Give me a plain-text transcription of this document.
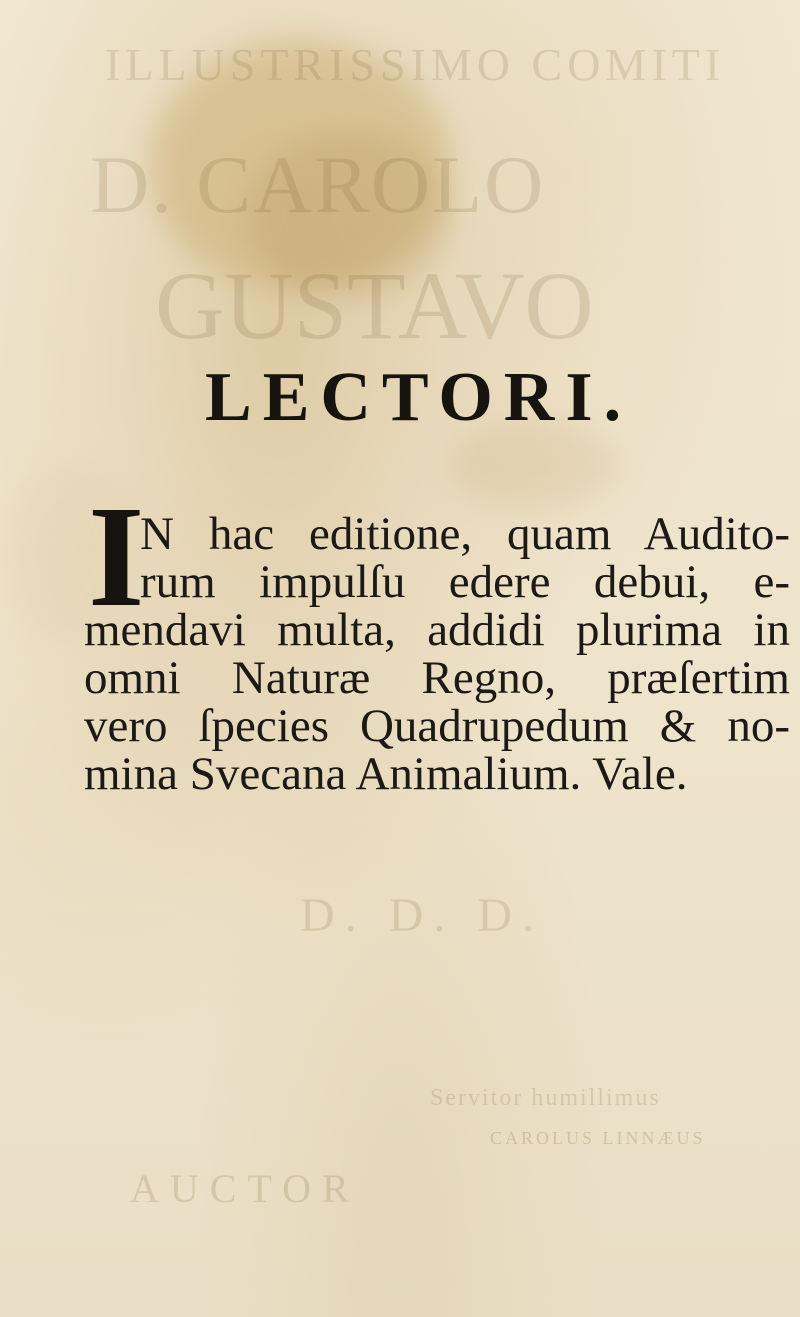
ILLUSTRISSIMO COMITI
D. CAROLO
GUSTAVO
D. D. D.
Servitor humillimus
CAROLUS LINNÆUS
AUCTOR
LECTORI.
I
N hac editione, quam Audito-
rum impulſu edere debui, e-
mendavi multa, addidi plurima in
omni Naturæ Regno, præſertim
vero ſpecies Quadrupedum & no-
mina Svecana Animalium. Vale.
